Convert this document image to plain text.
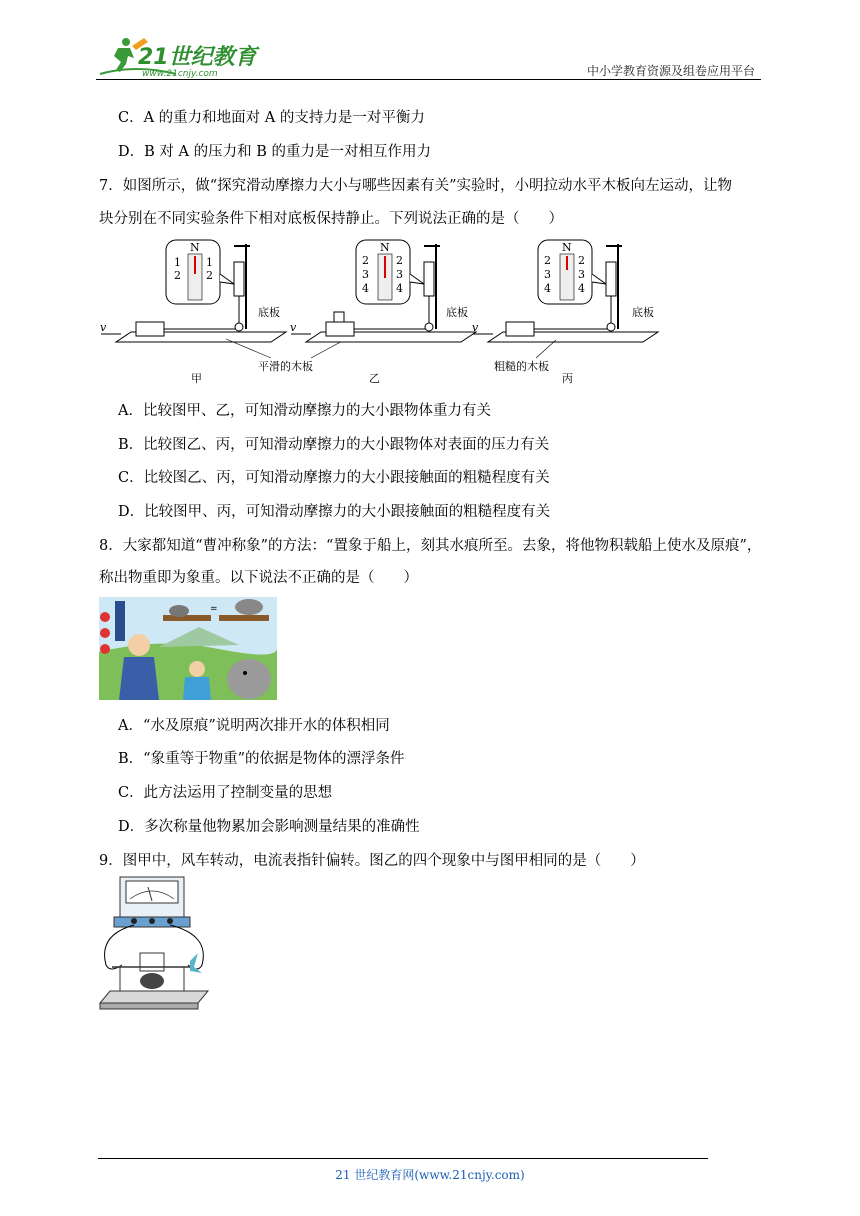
21世纪教育
www.21cnjy.com	中小学教育资源及组卷应用平台
C．A 的重力和地面对 A 的支持力是一对平衡力
D．B 对 A 的压力和 B 的重力是一对相互作用力
7．如图所示，做“探究滑动摩擦力大小与哪些因素有关”实验时，小明拉动水平木板向左运动，让物
块分别在不同实验条件下相对底板保持静止。下列说法正确的是（　　）
N
1
2
1
2
v
底板
甲
平滑的木板
N
2
3
4
2
3
4
v
底板
乙
N
2
3
4
2
3
4
v
底板
粗糙的木板
丙
A．比较图甲、乙，可知滑动摩擦力的大小跟物体重力有关
B．比较图乙、丙，可知滑动摩擦力的大小跟物体对表面的压力有关
C．比较图乙、丙，可知滑动摩擦力的大小跟接触面的粗糙程度有关
D．比较图甲、丙，可知滑动摩擦力的大小跟接触面的粗糙程度有关
8．大家都知道“曹冲称象”的方法：“置象于船上，刻其水痕所至。去象，将他物积载船上使水及原痕”，
称出物重即为象重。以下说法不正确的是（　　）
=
A．“水及原痕”说明两次排开水的体积相同
B．“象重等于物重”的依据是物体的漂浮条件
C．此方法运用了控制变量的思想
D．多次称量他物累加会影响测量结果的准确性
9．图甲中，风车转动，电流表指针偏转。图乙的四个现象中与图甲相同的是（　　）
21 世纪教育网(www.21cnjy.com)
